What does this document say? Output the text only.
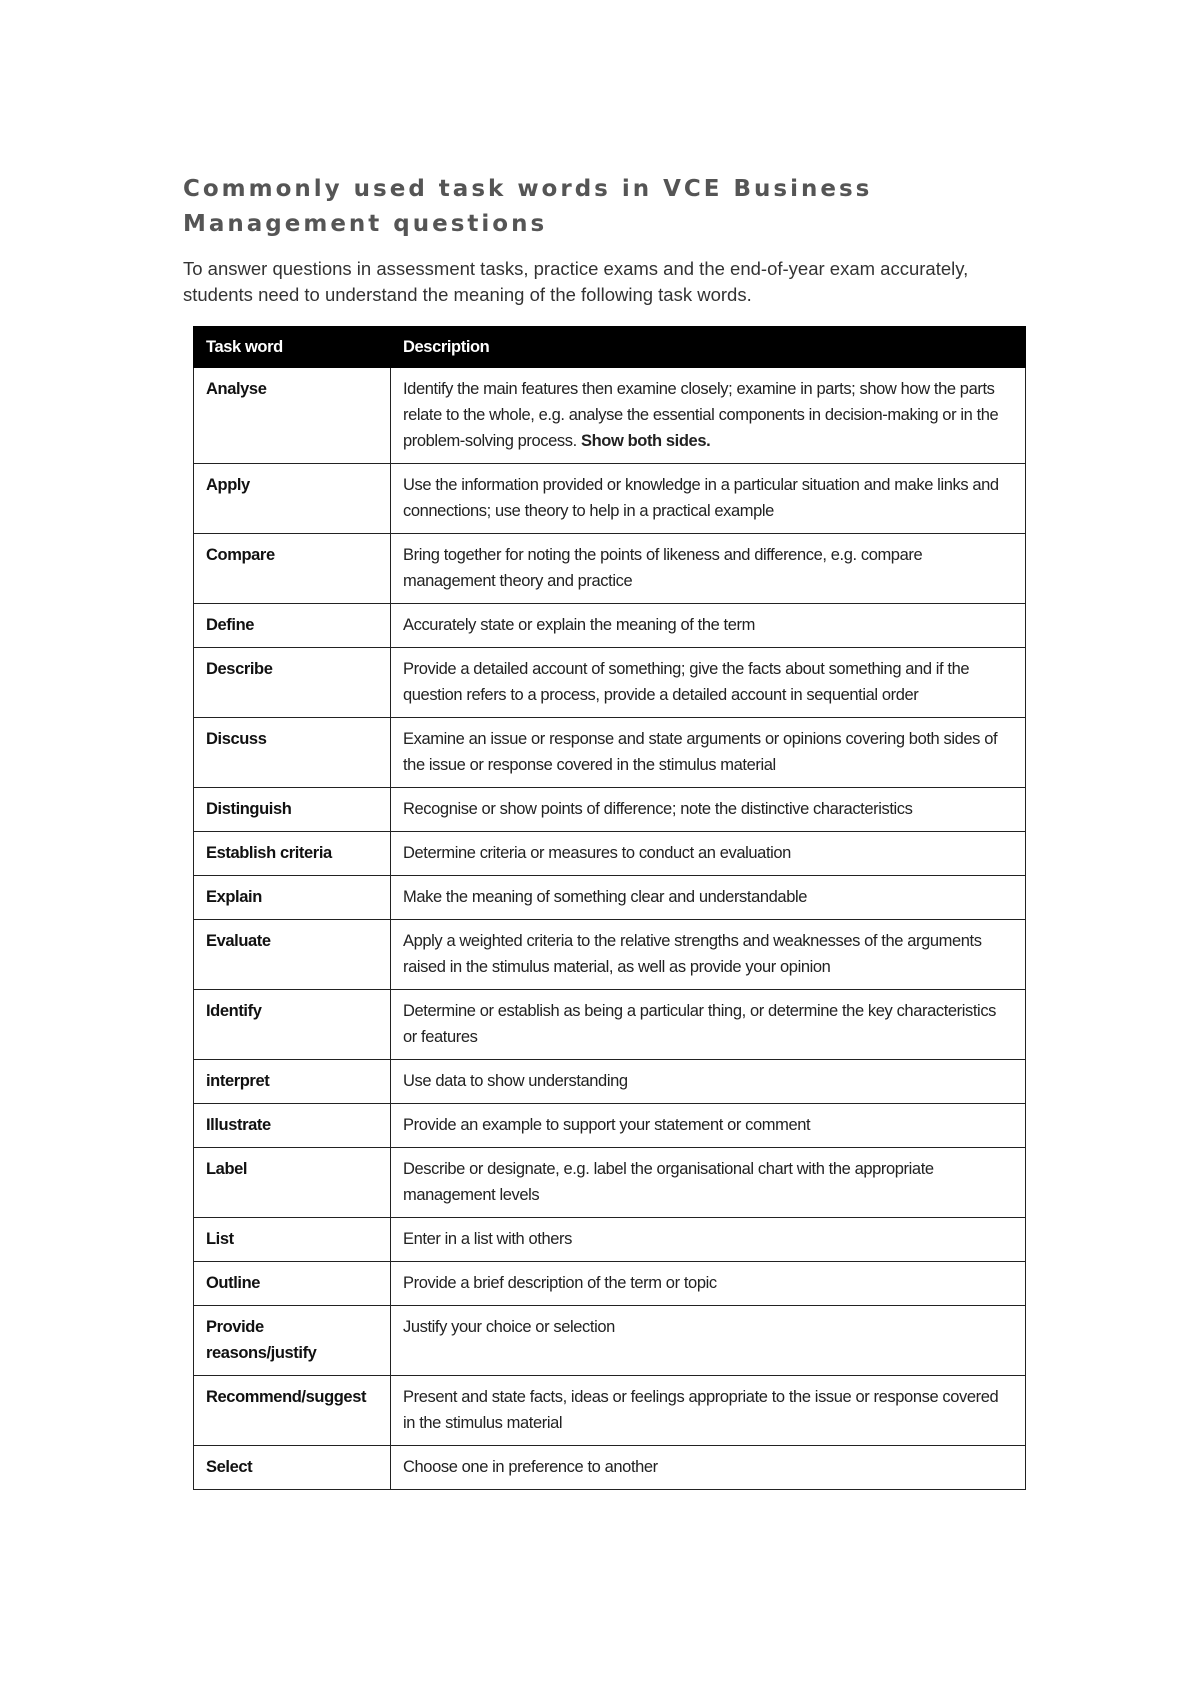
Commonly used task words in VCE Business Management questions

To answer questions in assessment tasks, practice exams and the end-of-year exam accurately, students need to understand the meaning of the following task words.

Task word	Description
Analyse	Identify the main features then examine closely; examine in parts; show how the parts relate to the whole, e.g. analyse the essential components in decision-making or in the problem-solving process. Show both sides.
Apply	Use the information provided or knowledge in a particular situation and make links and connections; use theory to help in a practical example
Compare	Bring together for noting the points of likeness and difference, e.g. compare management theory and practice
Define	Accurately state or explain the meaning of the term
Describe	Provide a detailed account of something; give the facts about something and if the question refers to a process, provide a detailed account in sequential order
Discuss	Examine an issue or response and state arguments or opinions covering both sides of the issue or response covered in the stimulus material
Distinguish	Recognise or show points of difference; note the distinctive characteristics
Establish criteria	Determine criteria or measures to conduct an evaluation
Explain	Make the meaning of something clear and understandable
Evaluate	Apply a weighted criteria to the relative strengths and weaknesses of the arguments raised in the stimulus material, as well as provide your opinion
Identify	Determine or establish as being a particular thing, or determine the key characteristics or features
interpret	Use data to show understanding
Illustrate	Provide an example to support your statement or comment
Label	Describe or designate, e.g. label the organisational chart with the appropriate management levels
List	Enter in a list with others
Outline	Provide a brief description of the term or topic
Provide reasons/justify	Justify your choice or selection
Recommend/suggest	Present and state facts, ideas or feelings appropriate to the issue or response covered in the stimulus material
Select	Choose one in preference to another
